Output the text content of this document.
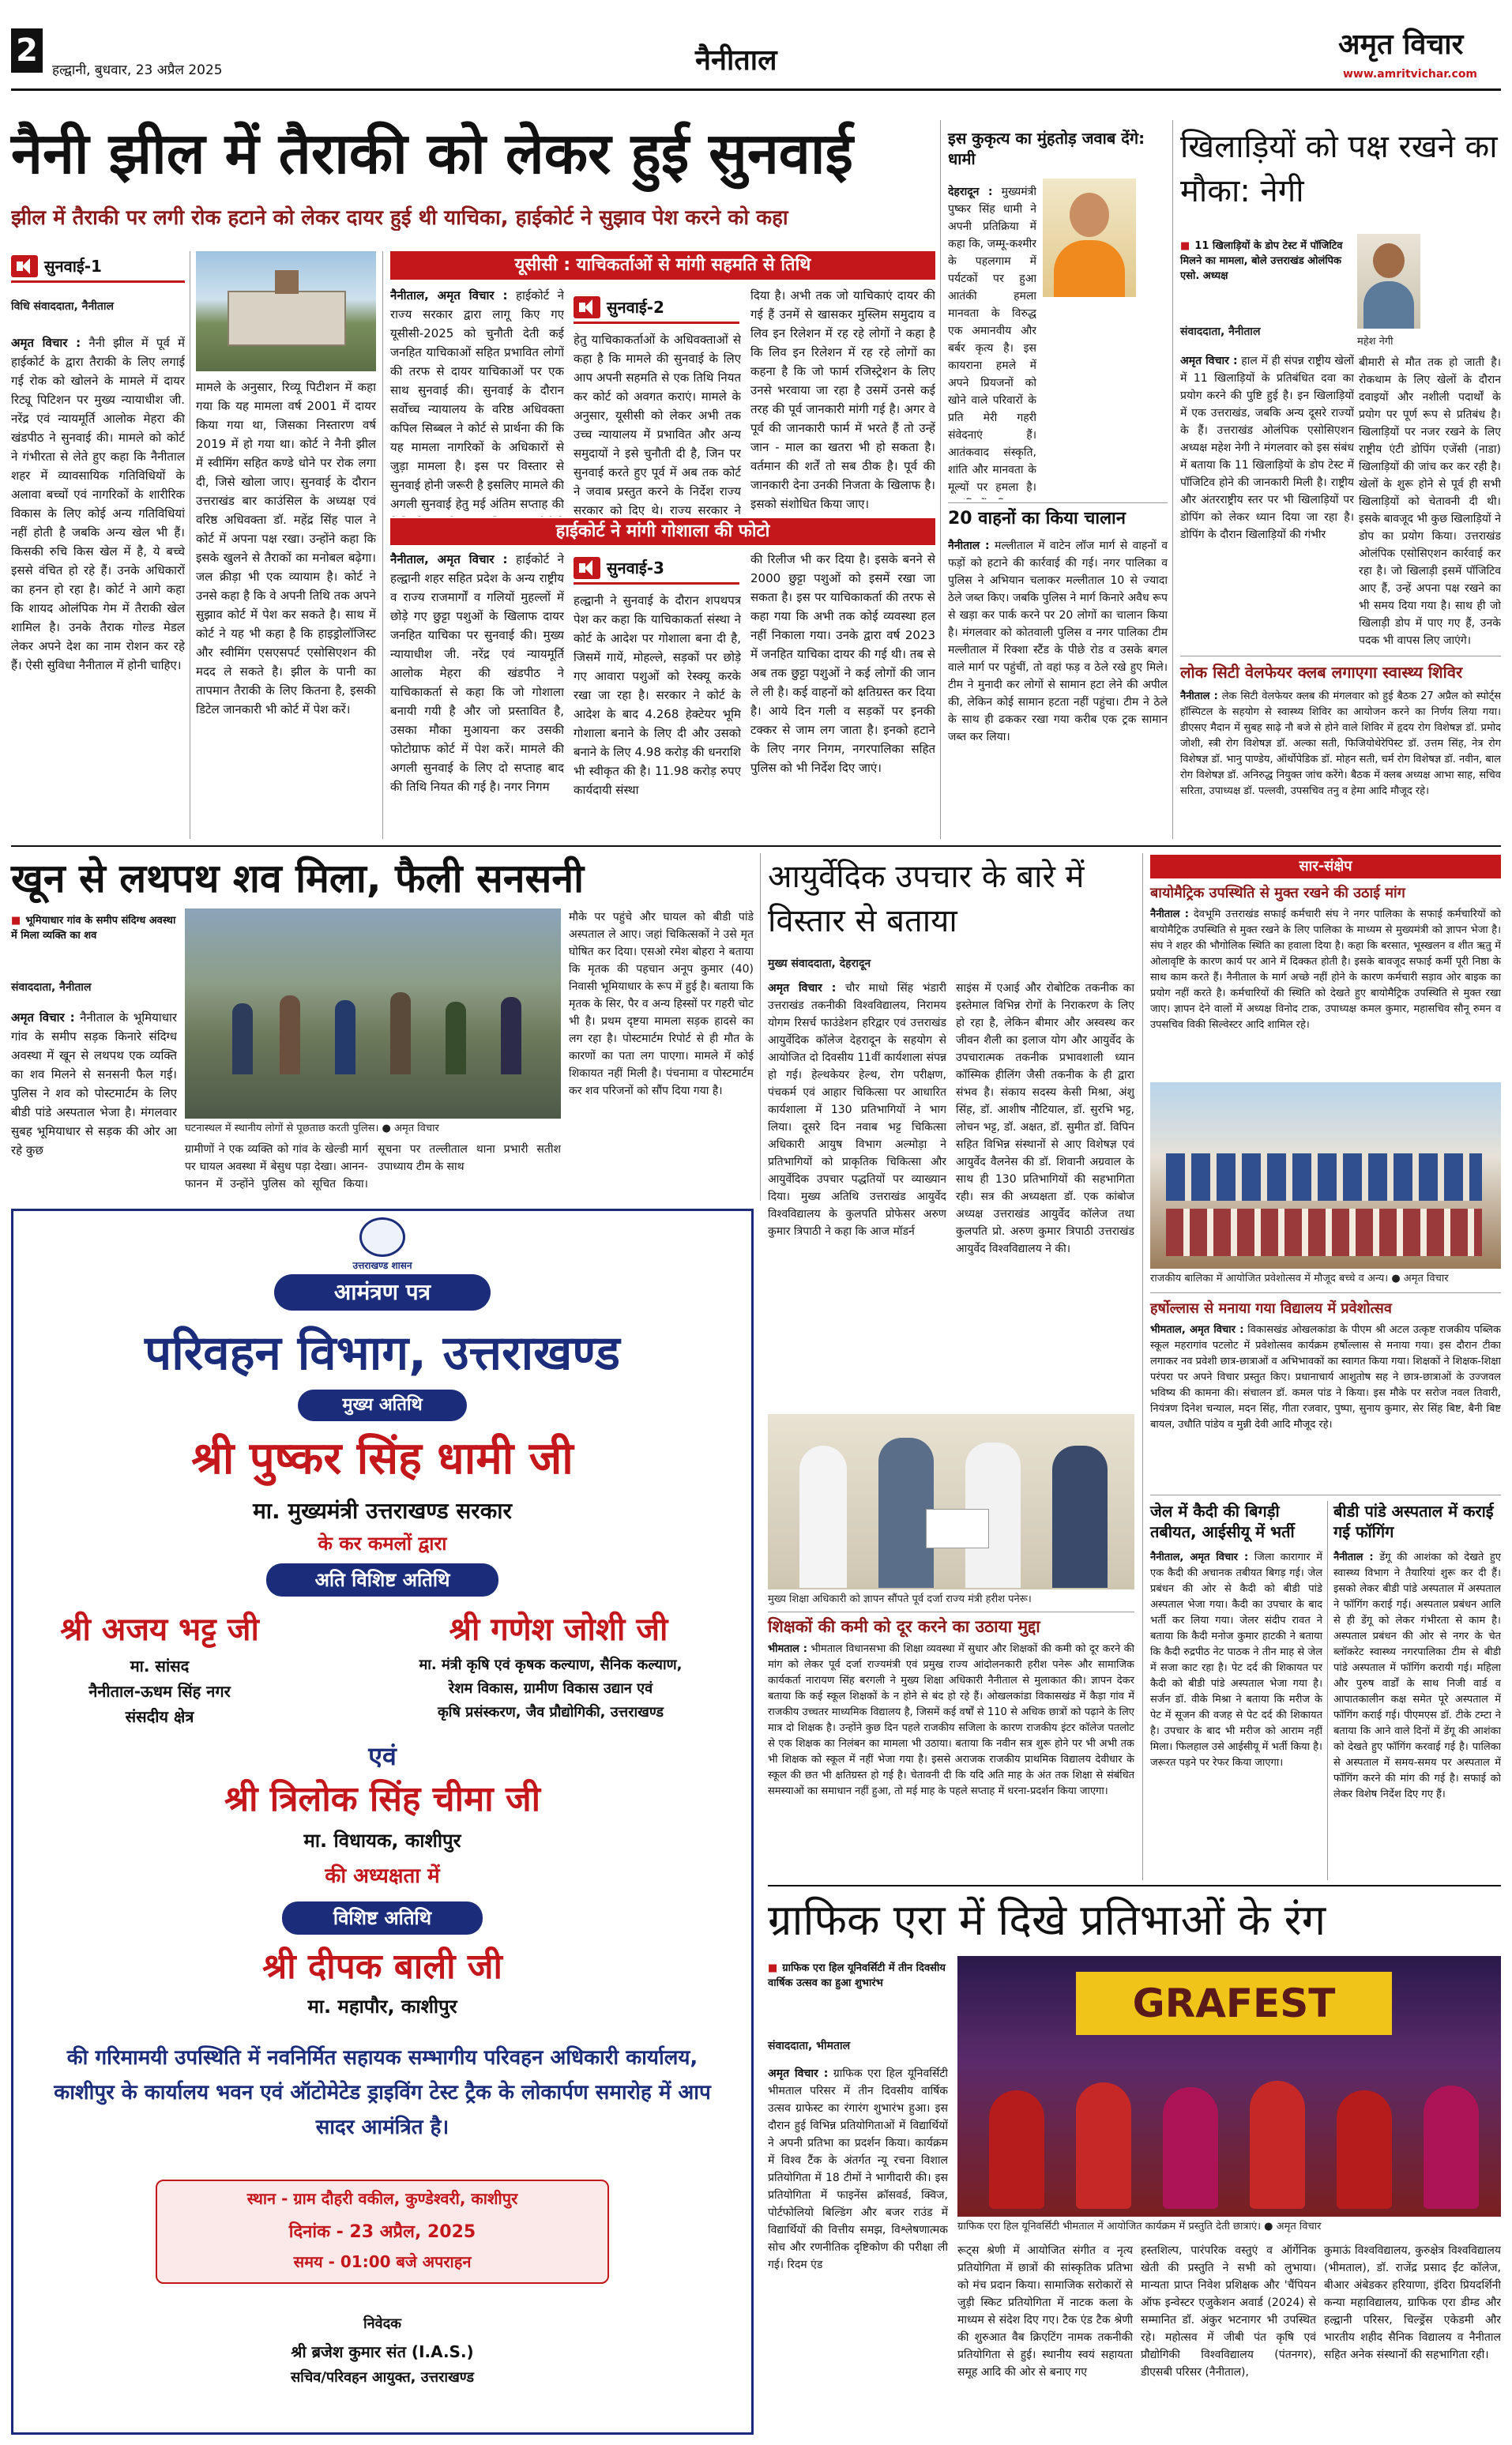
2
हल्द्वानी, बुधवार, 23 अप्रैल 2025	नैनीताल	अमृत विचार
www.amritvichar.com
नैनी झील में तैराकी को लेकर हुई सुनवाई
झील में तैराकी पर लगी रोक हटाने को लेकर दायर हुई थी याचिका, हाईकोर्ट ने सुझाव पेश करने को कहा
सुनवाई-1
विधि संवाददाता, नैनीताल
अमृत विचार : नैनी झील में पूर्व में हाईकोर्ट के द्वारा तैराकी के लिए लगाई गई रोक को खोलने के मामले में दायर रिट्यू पिटिशन पर मुख्य न्यायाधीश जी. नरेंद्र एवं न्यायमूर्ति आलोक मेहरा की खंडपीठ ने सुनवाई की। मामले को कोर्ट ने गंभीरता से लेते हुए कहा कि नैनीताल शहर में व्यावसायिक गतिविधियों के अलावा बच्चों एवं नागरिकों के शारीरिक विकास के लिए कोई अन्य गतिविधियां नहीं होती है जबकि अन्य खेल भी हैं। किसकी रुचि किस खेल में है, ये बच्चे इससे वंचित हो रहे हैं। उनके अधिकारों का हनन हो रहा है। कोर्ट ने आगे कहा कि शायद ओलंपिक गेम में तैराकी खेल शामिल है। उनके तैराक गोल्ड मेडल लेकर अपने देश का नाम रोशन कर रहे हैं। ऐसी सुविधा नैनीताल में होनी चाहिए।
मामले के अनुसार, रिव्यू पिटीशन में कहा गया कि यह मामला वर्ष 2001 में दायर किया गया था, जिसका निस्तारण वर्ष 2019 में हो गया था। कोर्ट ने नैनी झील में स्वीमिंग सहित कण्डे धोने पर रोक लगा दी, जिसे खोला जाए। सुनवाई के दौरान उत्तराखंड बार काउंसिल के अध्यक्ष एवं वरिष्ठ अधिवक्ता डॉ. महेंद्र सिंह पाल ने कोर्ट में अपना पक्ष रखा। उन्होंने कहा कि इसके खुलने से तैराकों का मनोबल बढ़ेगा। जल क्रीड़ा भी एक व्यायाम है। कोर्ट ने उनसे कहा है कि वे अपनी तिथि तक अपने सुझाव कोर्ट में पेश कर सकते है। साथ में कोर्ट ने यह भी कहा है कि हाइड्रोलॉजिस्ट और स्वीमिंग एसएसपर्ट एसोसिएशन की मदद ले सकते है। झील के पानी का तापमान तैराकी के लिए कितना है, इसकी डिटेल जानकारी भी कोर्ट में पेश करें।
यूसीसी : याचिकर्ताओं से मांगी सहमति से तिथि
नैनीताल, अमृत विचार : हाईकोर्ट ने राज्य सरकार द्वारा लागू किए गए यूसीसी-2025 को चुनौती देती कई जनहित याचिकाओं सहित प्रभावित लोगों की तरफ से दायर याचिकाओं पर एक साथ सुनवाई की। सुनवाई के दौरान सर्वोच्च न्यायालय के वरिष्ठ अधिवक्ता कपिल सिब्बल ने कोर्ट से प्रार्थना की कि यह मामला नागरिकों के अधिकारों से जुड़ा मामला है। इस पर विस्तार से सुनवाई होनी जरूरी है इसलिए मामले की अगली सुनवाई हेतु मई अंतिम सप्ताह की
सुनवाई-2
हेतु याचिकाकर्ताओं के अधिवक्ताओं से कहा है कि मामले की सुनवाई के लिए आप अपनी सहमति से एक तिथि नियत कर कोर्ट को अवगत कराएं। मामले के अनुसार, यूसीसी को लेकर अभी तक उच्च न्यायालय में प्रभावित और अन्य समुदायों ने इसे चुनौती दी है, जिन पर सुनवाई करते हुए पूर्व में अब तक कोर्ट ने जवाब प्रस्तुत करने के निर्देश राज्य सरकार को दिए थे। राज्य सरकार ने
दिया है। अभी तक जो याचिकाएं दायर की गई हैं उनमें से खासकर मुस्लिम समुदाय व लिव इन रिलेशन में रह रहे लोगों ने कहा है कि लिव इन रिलेशन में रह रहे लोगों का कहना है कि जो फार्म रजिस्ट्रेशन के लिए उनसे भरवाया जा रहा है उसमें उनसे कई तरह की पूर्व जानकारी मांगी गई है। अगर वे पूर्व की जानकारी फार्म में भरते हैं तो उन्हें जान - माल का खतरा भी हो सकता है। वर्तमान की शर्तें तो सब ठीक है। पूर्व की जानकारी देना उनकी निजता के खिलाफ है। इसको संशोधित किया जाए।
हाईकोर्ट ने मांगी गोशाला की फोटो
नैनीताल, अमृत विचार : हाईकोर्ट ने हल्द्वानी शहर सहित प्रदेश के अन्य राष्ट्रीय व राज्य राजमार्गों व गलियों मुहल्लों में छोड़े गए छुट्टा पशुओं के खिलाफ दायर जनहित याचिका पर सुनवाई की। मुख्य न्यायाधीश जी. नरेंद्र एवं न्यायमूर्ति आलोक मेहरा की खंडपीठ ने याचिकाकर्ता से कहा कि जो गोशाला बनायी गयी है और जो प्रस्तावित है, उसका मौका मुआयना कर उसकी फोटोग्राफ कोर्ट में पेश करें। मामले की अगली सुनवाई के लिए दो सप्ताह बाद की तिथि नियत की गई है। नगर निगम
सुनवाई-3
हल्द्वानी ने सुनवाई के दौरान शपथपत्र पेश कर कहा कि याचिकाकर्ता संस्था ने कोर्ट के आदेश पर गोशाला बना दी है, जिसमें गायें, मोहल्ले, सड़कों पर छोड़े गए आवारा पशुओं को रेस्क्यू करके रखा जा रहा है। सरकार ने कोर्ट के आदेश के बाद 4.268 हेक्टेयर भूमि गोशाला बनाने के लिए दी और उसको बनाने के लिए 4.98 करोड़ की धनराशि भी स्वीकृत की है। 11.98 करोड़ रुपए कार्यदायी संस्था
की रिलीज भी कर दिया है। इसके बनने से 2000 छुट्टा पशुओं को इसमें रखा जा सकता है। इस पर याचिकाकर्ता की तरफ से कहा गया कि अभी तक कोई व्यवस्था हल नहीं निकाला गया। उनके द्वारा वर्ष 2023 में जनहित याचिका दायर की गई थी। तब से अब तक छुट्टा पशुओं ने कई लोगों की जान ले ली है। कई वाहनों को क्षतिग्रस्त कर दिया है। आये दिन गली व सड़कों पर इनकी टक्कर से जाम लग जाता है। इनको हटाने के लिए नगर निगम, नगरपालिका सहित पुलिस को भी निर्देश दिए जाएं।
इस कुकृत्य का मुंहतोड़ जवाब देंगे: धामी
देहरादून : मुख्यमंत्री पुष्कर सिंह धामी ने अपनी प्रतिक्रिया में कहा कि, जम्मू-कश्मीर के पहलगाम में पर्यटकों पर हुआ आतंकी हमला मानवता के विरुद्ध एक अमानवीय और बर्बर कृत्य है। इस कायराना हमले में अपने प्रियजनों को खोने वाले परिवारों के प्रति मेरी गहरी संवेदनाएं हैं। आतंकवाद संस्कृति, शांति और मानवता के मूल्यों पर हमला है।
20 वाहनों का किया चालान
नैनीताल : मल्लीताल में वाटेन लॉज मार्ग से वाहनों व फड़ों को हटाने की कार्रवाई की गई। नगर पालिका व पुलिस ने अभियान चलाकर मल्लीताल 10 से ज्यादा ठेले जब्त किए। जबकि पुलिस ने मार्ग किनारे अवैध रूप से खड़ा कर पार्क करने पर 20 लोगों का चालान किया है। मंगलवार को कोतवाली पुलिस व नगर पालिका टीम मल्लीताल में रिक्शा स्टैंड के पीछे रोड व उसके बगल वाले मार्ग पर पहुंचीं, तो वहां फड़ व ठेले रखे हुए मिले। टीम ने मुनादी कर लोगों से सामान हटा लेने की अपील की, लेकिन कोई सामान हटता नहीं पहुंचा। टीम ने ठेले के साथ ही ढककर रखा गया करीब एक ट्रक सामान जब्त कर लिया।
खिलाड़ियों को पक्ष रखने का मौका: नेगी
■ 11 खिलाड़ियों के डोप टेस्ट में पॉजिटिव मिलने का मामला, बोले उत्तराखंड ओलंपिक एसो. अध्यक्ष
महेश नेगी
संवाददाता, नैनीताल
अमृत विचार : हाल में ही संपन्न राष्ट्रीय खेलों में 11 खिलाड़ियों के प्रतिबंधित दवा का प्रयोग करने की पुष्टि हुई है। इन खिलाड़ियों में एक उत्तराखंड, जबकि अन्य दूसरे राज्यों के हैं। उत्तराखंड ओलंपिक एसोसिएशन अध्यक्ष महेश नेगी ने मंगलवार को इस संबंध में बताया कि 11 खिलाड़ियों के डोप टेस्ट में पॉजिटिव होने की जानकारी मिली है। राष्ट्रीय और अंतरराष्ट्रीय स्तर पर भी खिलाड़ियों पर डोपिंग को लेकर ध्यान दिया जा रहा है। डोपिंग के दौरान खिलाड़ियों की गंभीर
बीमारी से मौत तक हो जाती है। रोकथाम के लिए खेलों के दौरान दवाइयों और नशीली पदार्थों के प्रयोग पर पूर्ण रूप से प्रतिबंध है। खिलाड़ियों पर नजर रखने के लिए राष्ट्रीय एंटी डोपिंग एजेंसी (नाडा) खिलाड़ियों की जांच कर कर रही है। खेलों के शुरू होने से पूर्व ही सभी खिलाड़ियों को चेतावनी दी थी। इसके बावजूद भी कुछ खिलाड़ियों ने डोप का प्रयोग किया। उत्तराखंड ओलंपिक एसोसिएशन कार्रवाई कर रहा है। जो खिलाड़ी इसमें पॉजिटिव आए हैं, उन्हें अपना पक्ष रखने का भी समय दिया गया है। साथ ही जो खिलाड़ी डोप में पाए गए हैं, उनके पदक भी वापस लिए जाएंगे।
लोक सिटी वेलफेयर क्लब लगाएगा स्वास्थ्य शिविर
नैनीताल : लेक सिटी वेलफेयर क्लब की मंगलवार को हुई बैठक 27 अप्रैल को स्पोर्ट्स हॉस्पिटल के सहयोग से स्वास्थ्य शिविर का आयोजन करने का निर्णय लिया गया। डीएसए मैदान में सुबह साढ़े नौ बजे से होने वाले शिविर में हृदय रोग विशेषज्ञ डॉ. प्रमोद जोशी, स्त्री रोग विशेषज्ञ डॉ. अल्का सती, फिजियोथेरेपिस्ट डॉ. उत्तम सिंह, नेत्र रोग विशेषज्ञ डॉ. भानु पाण्डेय, ऑर्थोपेडिक डॉ. मोहन सती, चर्म रोग विशेषज्ञ डॉ. नवीन, बाल रोग विशेषज्ञ डॉ. अनिरुद्ध नियुक्त जांच करेंगे। बैठक में क्लब अध्यक्ष आभा साह, सचिव सरिता, उपाध्यक्ष डॉ. पल्लवी, उपसचिव तनु व हेमा आदि मौजूद रहे।
खून से लथपथ शव मिला, फैली सनसनी
■ भूमियाधार गांव के समीप संदिग्ध अवस्था में मिला व्यक्ति का शव
संवाददाता, नैनीताल
अमृत विचार : नैनीताल के भूमियाधार गांव के समीप सड़क किनारे संदिग्ध अवस्था में खून से लथपथ एक व्यक्ति का शव मिलने से सनसनी फैल गई। पुलिस ने शव को पोस्टमार्टम के लिए बीडी पांडे अस्पताल भेजा है। मंगलवार सुबह भूमियाधार से सड़क की ओर आ रहे कुछ
घटनास्थल में स्थानीय लोगों से पूछताछ करती पुलिस। ● अमृत विचार
ग्रामीणों ने एक व्यक्ति को गांव के खेल्डी मार्ग पर घायल अवस्था में बेसुध पड़ा देखा। आनन-फानन में उन्होंने पुलिस को सूचित किया। सूचना पर तल्लीताल थाना प्रभारी सतीश उपाध्याय टीम के साथ
मौके पर पहुंचे और घायल को बीडी पांडे अस्पताल ले आए। जहां चिकित्सकों ने उसे मृत घोषित कर दिया। एसओ रमेश बोहरा ने बताया कि मृतक की पहचान अनूप कुमार (40) निवासी भूमियाधार के रूप में हुई है। बताया कि मृतक के सिर, पैर व अन्य हिस्सों पर गहरी चोट भी है। प्रथम दृष्टया मामला सड़क हादसे का लग रहा है। पोस्टमार्टम रिपोर्ट से ही मौत के कारणों का पता लग पाएगा। मामले में कोई शिकायत नहीं मिली है। पंचनामा व पोस्टमार्टम कर शव परिजनों को सौंप दिया गया है।
उत्तराखण्ड शासन
आमंत्रण पत्र
परिवहन विभाग, उत्तराखण्ड
मुख्य अतिथि
श्री पुष्कर सिंह धामी जी
मा. मुख्यमंत्री उत्तराखण्ड सरकार
के कर कमलों द्वारा
अति विशिष्ट अतिथि
श्री अजय भट्ट जी
मा. सांसद
नैनीताल-ऊधम सिंह नगर
संसदीय क्षेत्र
श्री गणेश जोशी जी
मा. मंत्री कृषि एवं कृषक कल्याण, सैनिक कल्याण,
रेशम विकास, ग्रामीण विकास उद्यान एवं
कृषि प्रसंस्करण, जैव प्रौद्योगिकी, उत्तराखण्ड
एवं
श्री त्रिलोक सिंह चीमा जी
मा. विधायक, काशीपुर
की अध्यक्षता में
विशिष्ट अतिथि
श्री दीपक बाली जी
मा. महापौर, काशीपुर
की गरिमामयी उपस्थिति में नवनिर्मित सहायक सम्भागीय परिवहन अधिकारी कार्यालय, काशीपुर के कार्यालय भवन एवं ऑटोमेटेड ड्राइविंग टेस्ट ट्रैक के लोकार्पण समारोह में आप सादर आमंत्रित है।
स्थान - ग्राम दौहरी वकील, कुण्डेश्वरी, काशीपुर
दिनांक - 23 अप्रैल, 2025
समय - 01:00 बजे अपराहन
निवेदक
श्री ब्रजेश कुमार संत (I.A.S.)
सचिव/परिवहन आयुक्त, उत्तराखण्ड
आयुर्वेदिक उपचार के बारे में विस्तार से बताया
मुख्य संवाददाता, देहरादून
अमृत विचार : चौर माधो सिंह भंडारी उत्तराखंड तकनीकी विश्वविद्यालय, निरामय योगम रिसर्च फाउंडेशन हरिद्वार एवं उत्तराखंड आयुर्वेदिक कॉलेज देहरादून के सहयोग से आयोजित दो दिवसीय 11वीं कार्यशाला संपन्न हो गई। हेल्थकेयर हेल्थ, रोग परीक्षण, पंचकर्म एवं आहार चिकित्सा पर आधारित कार्यशाला में 130 प्रतिभागियों ने भाग लिया। दूसरे दिन नवाब भट्ट चिकित्सा अधिकारी आयुष विभाग अल्मोड़ा ने प्रतिभागियों को प्राकृतिक चिकित्सा और आयुर्वेदिक उपचार पद्धतियों पर व्याख्यान दिया। मुख्य अतिथि उत्तराखंड आयुर्वेद विश्वविद्यालय के कुलपति प्रोफेसर अरुण कुमार त्रिपाठी ने कहा कि आज मॉडर्न
साइंस में एआई और रोबोटिक तकनीक का इस्तेमाल विभिन्न रोगों के निराकरण के लिए हो रहा है, लेकिन बीमार और अस्वस्थ कर जीवन शैली का इलाज योग और आयुर्वेद के उपचारात्मक तकनीक प्रभावशाली ध्यान कॉस्मिक हीलिंग जैसी तकनीक के ही द्वारा संभव है। संकाय सदस्य केसी मिश्रा, अंशु सिंह, डॉ. आशीष नौटियाल, डॉ. सुरभि भट्ट, लोचन भट्ट, डॉ. अक्षत, डॉ. सुमीत डॉ. विपिन सहित विभिन्न संस्थानों से आए विशेषज्ञ एवं आयुर्वेद वैलनेस की डॉ. शिवानी अग्रवाल के साथ ही 130 प्रतिभागियों की सहभागिता रही। सत्र की अध्यक्षता डॉ. एक कांबोज अध्यक्ष उत्तराखंड आयुर्वेद कॉलेज तथा कुलपति प्रो. अरुण कुमार त्रिपाठी उत्तराखंड आयुर्वेद विश्वविद्यालय ने की।
मुख्य शिक्षा अधिकारी को ज्ञापन सौंपते पूर्व दर्जा राज्य मंत्री हरीश पनेरू।
शिक्षकों की कमी को दूर करने का उठाया मुद्दा
भीमताल : भीमताल विधानसभा की शिक्षा व्यवस्था में सुधार और शिक्षकों की कमी को दूर करने की मांग को लेकर पूर्व दर्जा राज्यमंत्री एवं प्रमुख राज्य आंदोलनकारी हरीश पनेरू और सामाजिक कार्यकर्ता नारायण सिंह बरगली ने मुख्य शिक्षा अधिकारी नैनीताल से मुलाकात की। ज्ञापन देकर बताया कि कई स्कूल शिक्षकों के न होने से बंद हो रहे हैं। ओखलकांडा विकासखंड में कैड़ा गांव में राजकीय उच्चतर माध्यमिक विद्यालय है, जिसमें कई वर्षों से 110 से अधिक छात्रों को पढ़ाने के लिए मात्र दो शिक्षक है। उन्होंने कुछ दिन पहले राजकीय सजिला के कारण राजकीय इंटर कॉलेज पतलोट से एक शिक्षक का निलंबन का मामला भी उठाया। बताया कि नवीन सत्र शुरू होने पर भी अभी तक भी शिक्षक को स्कूल में नहीं भेजा गया है। इससे अराजक राजकीय प्राथमिक विद्यालय देवीधार के स्कूल की छत भी क्षतिग्रस्त हो गई है। चेतावनी दी कि यदि अति माह के अंत तक शिक्षा से संबंधित समस्याओं का समाधान नहीं हुआ, तो मई माह के पहले सप्ताह में धरना-प्रदर्शन किया जाएगा।
सार-संक्षेप
बायोमैट्रिक उपस्थिति से मुक्त रखने की उठाई मांग
नैनीताल : देवभूमि उत्तराखंड सफाई कर्मचारी संघ ने नगर पालिका के सफाई कर्मचारियों को बायोमैट्रिक उपस्थिति से मुक्त रखने के लिए पालिका के माध्यम से मुख्यमंत्री को ज्ञापन भेजा है। संघ ने शहर की भौगोलिक स्थिति का हवाला दिया है। कहा कि बरसात, भूस्खलन व शीत ऋतु में ओलावृष्टि के कारण कार्य पर आने में दिक्कत होती है। इसके बावजूद सफाई कर्मी पूरी निष्ठा के साथ काम करते हैं। नैनीताल के मार्ग अच्छे नहीं होने के कारण कर्मचारी सड़ाव ओर बाइक का प्रयोग नहीं करते है। कर्मचारियों की स्थिति को देखते हुए बायोमैट्रिक उपस्थिति से मुक्त रखा जाए। ज्ञापन देने वालों में अध्यक्ष विनोद टाक, उपाध्यक्ष कमल कुमार, महासचिव सौनू रुमन व उपसचिव विकी सिल्वेस्टर आदि शामिल रहे।
राजकीय बालिका में आयोजित प्रवेशोत्सव में मौजूद बच्चे व अन्य। ● अमृत विचार
हर्षोल्लास से मनाया गया विद्यालय में प्रवेशोत्सव
भीमताल, अमृत विचार : विकासखंड ओखलकांडा के पीएम श्री अटल उत्कृष्ट राजकीय पब्लिक स्कूल महरागांव पटलोट में प्रवेशोत्सव कार्यक्रम हर्षोल्लास से मनाया गया। इस दौरान टीका लगाकर नव प्रवेशी छात्र-छात्राओं व अभिभावकों का स्वागत किया गया। शिक्षकों ने शिक्षक-शिक्षा परंपरा पर अपने विचार प्रस्तुत किए। प्रधानाचार्य आशुतोष सह ने छात्र-छात्राओं के उज्जवल भविष्य की कामना की। संचालन डॉ. कमल पांड ने किया। इस मौके पर सरोज नवल तिवारी, नियंत्रण दिनेश चन्याल, मदन सिंह, गीता रजवार, पुष्पा, सुनाय कुमार, सेर सिंह बिष्ट, बैनी बिष्ट बायल, उधौति पांडेय व मुन्नी देवी आदि मौजूद रहे।
जेल में कैदी की बिगड़ी तबीयत, आईसीयू में भर्ती
नैनीताल, अमृत विचार : जिला कारागार में एक कैदी की अचानक तबीयत बिगड़ गई। जेल प्रबंधन की ओर से कैदी को बीडी पांडे अस्पताल भेजा गया। कैदी का उपचार के बाद भर्ती कर लिया गया। जेलर संदीप रावत ने बताया कि कैदी मनोज कुमार हाटकी ने बताया कि कैदी रुद्रपीठ नेट पाठक ने तीन माह से जेल में सजा काट रहा है। पेट दर्द की शिकायत पर कैदी को बीडी पांडे अस्पताल भेजा गया है। सर्जन डॉ. वीके मिश्रा ने बताया कि मरीज के पेट में सूजन की वजह से पेट दर्द की शिकायत है। उपचार के बाद भी मरीज को आराम नहीं मिला। फिलहाल उसे आईसीयू में भर्ती किया है। जरूरत पड़ने पर रेफर किया जाएगा।
बीडी पांडे अस्पताल में कराई गई फॉगिंग
नैनीताल : डेंगू की आशंका को देखते हुए स्वास्थ्य विभाग ने तैयारियां शुरू कर दी हैं। इसको लेकर बीडी पांडे अस्पताल में अस्पताल ने फॉगिंग कराई गई। अस्पताल प्रबंधन आलि से ही डेंगू को लेकर गंभीरता से काम है। अस्पताल प्रबंधन की ओर से नगर के चेत ब्लॉकरेट स्वास्थ्य नगरपालिका टीम से बीडी पांडे अस्पताल में फॉगिंग करायी गई। महिला और पुरुष वार्डों के साथ निजी वार्ड व आपातकालीन कक्ष समेत पूरे अस्पताल में फॉगिंग कराई गई। पीएमएस डॉ. टीके टम्टा ने बताया कि आने वाले दिनों में डेंगू की आशंका को देखते हुए फॉगिंग करवाई गई है। पालिका से अस्पताल में समय-समय पर अस्पताल में फॉगिंग करने की मांग की गई है। सफाई को लेकर विशेष निर्देश दिए गए हैं।
ग्राफिक एरा में दिखे प्रतिभाओं के रंग
■ ग्राफिक एरा हिल यूनिवर्सिटी में तीन दिवसीय वार्षिक उत्सव का हुआ शुभारंभ
संवाददाता, भीमताल
अमृत विचार : ग्राफिक एरा हिल यूनिवर्सिटी भीमताल परिसर में तीन दिवसीय वार्षिक उत्सव ग्राफेस्ट का रंगारंग शुभारंभ हुआ। इस दौरान हुई विभिन्न प्रतियोगिताओं में विद्यार्थियों ने अपनी प्रतिभा का प्रदर्शन किया। कार्यक्रम में विश्व टैंक के अंतर्गत न्यू रचना विशाल प्रतियोगिता में 18 टीमों ने भागीदारी की। इस प्रतियोगिता में फाइनेंस क्रॉसवर्ड, क्विज, पोर्टफोलियो बिल्डिंग और बजर राउंड में विद्यार्थियों की वित्तीय समझ, विश्लेषणात्मक सोच और रणनीतिक दृष्टिकोण की परीक्षा ली गई। रिदम एंड
GRAFEST
ग्राफिक एरा हिल यूनिवर्सिटी भीमताल में आयोजित कार्यक्रम में प्रस्तुति देती छात्राएं। ● अमृत विचार
रूट्स श्रेणी में आयोजित संगीत व नृत्य प्रतियोगिता में छात्रों की सांस्कृतिक प्रतिभा को मंच प्रदान किया। सामाजिक सरोकारों से जुड़ी स्किट प्रतियोगिता में नाटक कला के माध्यम से संदेश दिए गए। टैक एंड टैक श्रेणी की शुरुआत वैब क्रिएटिंग नामक तकनीकी प्रतियोगिता से हुई। स्थानीय स्वयं सहायता समूह आदि की ओर से बनाए गए
हस्तशिल्प, पारंपरिक वस्तुएं व ऑर्गेनिक खेती की प्रस्तुति ने सभी को लुभाया। मान्यता प्राप्त निवेश प्रशिक्षक और 'चैंपियन ऑफ इन्वेस्टर एजुकेशन अवार्ड (2024) से सम्मानित डॉ. अंकुर भटनागर भी उपस्थित रहे। महोत्सव में जीबी पंत कृषि एवं प्रौद्योगिकी विश्वविद्यालय (पंतनगर), डीएसबी परिसर (नैनीताल),
कुमाऊं विश्वविद्यालय, कुरुक्षेत्र विश्वविद्यालय (भीमताल), डॉ. राजेंद्र प्रसाद ईंट कॉलेज, बीआर अंबेडकर हरियाणा, इंदिरा प्रियदर्शिनी कन्या महाविद्यालय, ग्राफिक एरा डीम्ड और हल्द्वानी परिसर, चिल्ड्रेंस एकेडमी और भारतीय शहीद सैनिक विद्यालय व नैनीताल सहित अनेक संस्थानों की सहभागिता रही।
